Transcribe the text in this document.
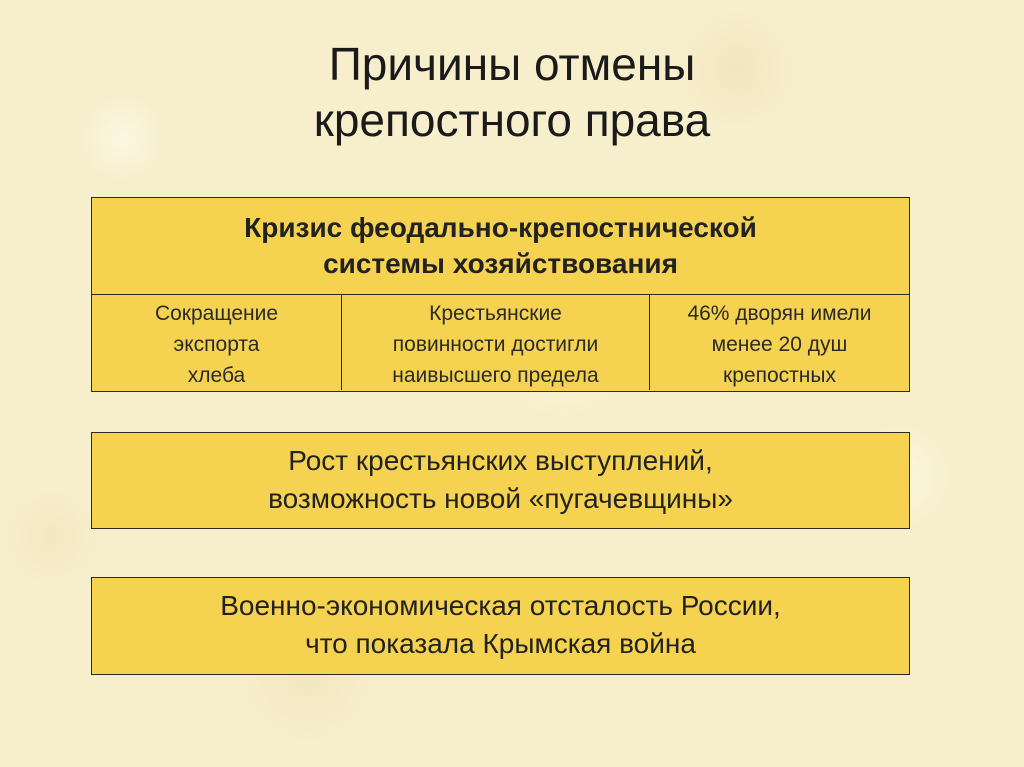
Причины отмены
крепостного права
Кризис феодально-крепостнической
системы хозяйствования
Сокращение
экспорта
хлеба
Крестьянские
повинности достигли
наивысшего предела
46% дворян имели
менее 20 душ
крепостных
Рост крестьянских выступлений,
возможность новой «пугачевщины»
Военно-экономическая отсталость России,
что показала Крымская война
